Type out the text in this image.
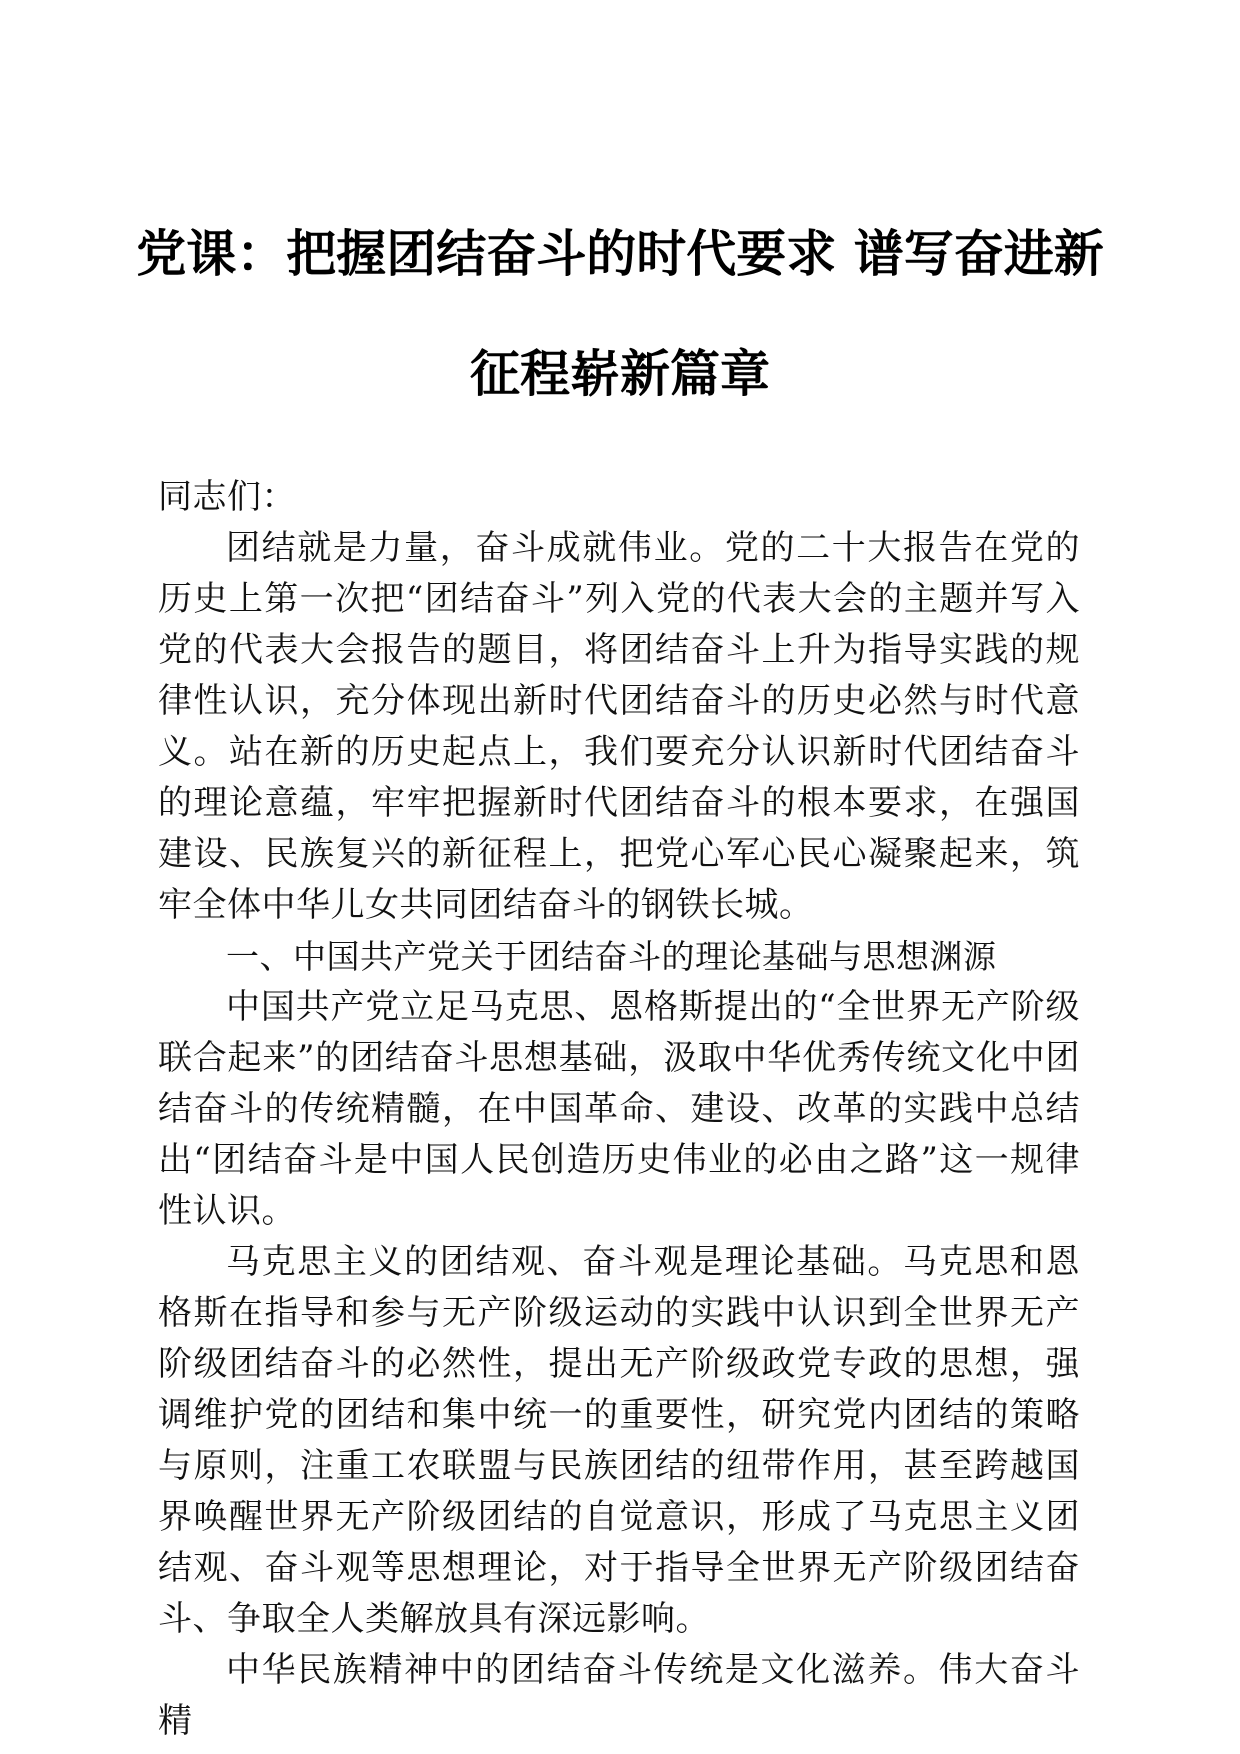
党课：把握团结奋斗的时代要求 谱写奋进新
征程崭新篇章

同志们：

团结就是力量，奋斗成就伟业。党的二十大报告在党的历史上第一次把“团结奋斗”列入党的代表大会的主题并写入党的代表大会报告的题目，将团结奋斗上升为指导实践的规律性认识，充分体现出新时代团结奋斗的历史必然与时代意义。站在新的历史起点上，我们要充分认识新时代团结奋斗的理论意蕴，牢牢把握新时代团结奋斗的根本要求，在强国建设、民族复兴的新征程上，把党心军心民心凝聚起来，筑牢全体中华儿女共同团结奋斗的钢铁长城。

一、中国共产党关于团结奋斗的理论基础与思想渊源

中国共产党立足马克思、恩格斯提出的“全世界无产阶级联合起来”的团结奋斗思想基础，汲取中华优秀传统文化中团结奋斗的传统精髓，在中国革命、建设、改革的实践中总结出“团结奋斗是中国人民创造历史伟业的必由之路”这一规律性认识。

马克思主义的团结观、奋斗观是理论基础。马克思和恩格斯在指导和参与无产阶级运动的实践中认识到全世界无产阶级团结奋斗的必然性，提出无产阶级政党专政的思想，强调维护党的团结和集中统一的重要性，研究党内团结的策略与原则，注重工农联盟与民族团结的纽带作用，甚至跨越国界唤醒世界无产阶级团结的自觉意识，形成了马克思主义团结观、奋斗观等思想理论，对于指导全世界无产阶级团结奋斗、争取全人类解放具有深远影响。

中华民族精神中的团结奋斗传统是文化滋养。伟大奋斗精
